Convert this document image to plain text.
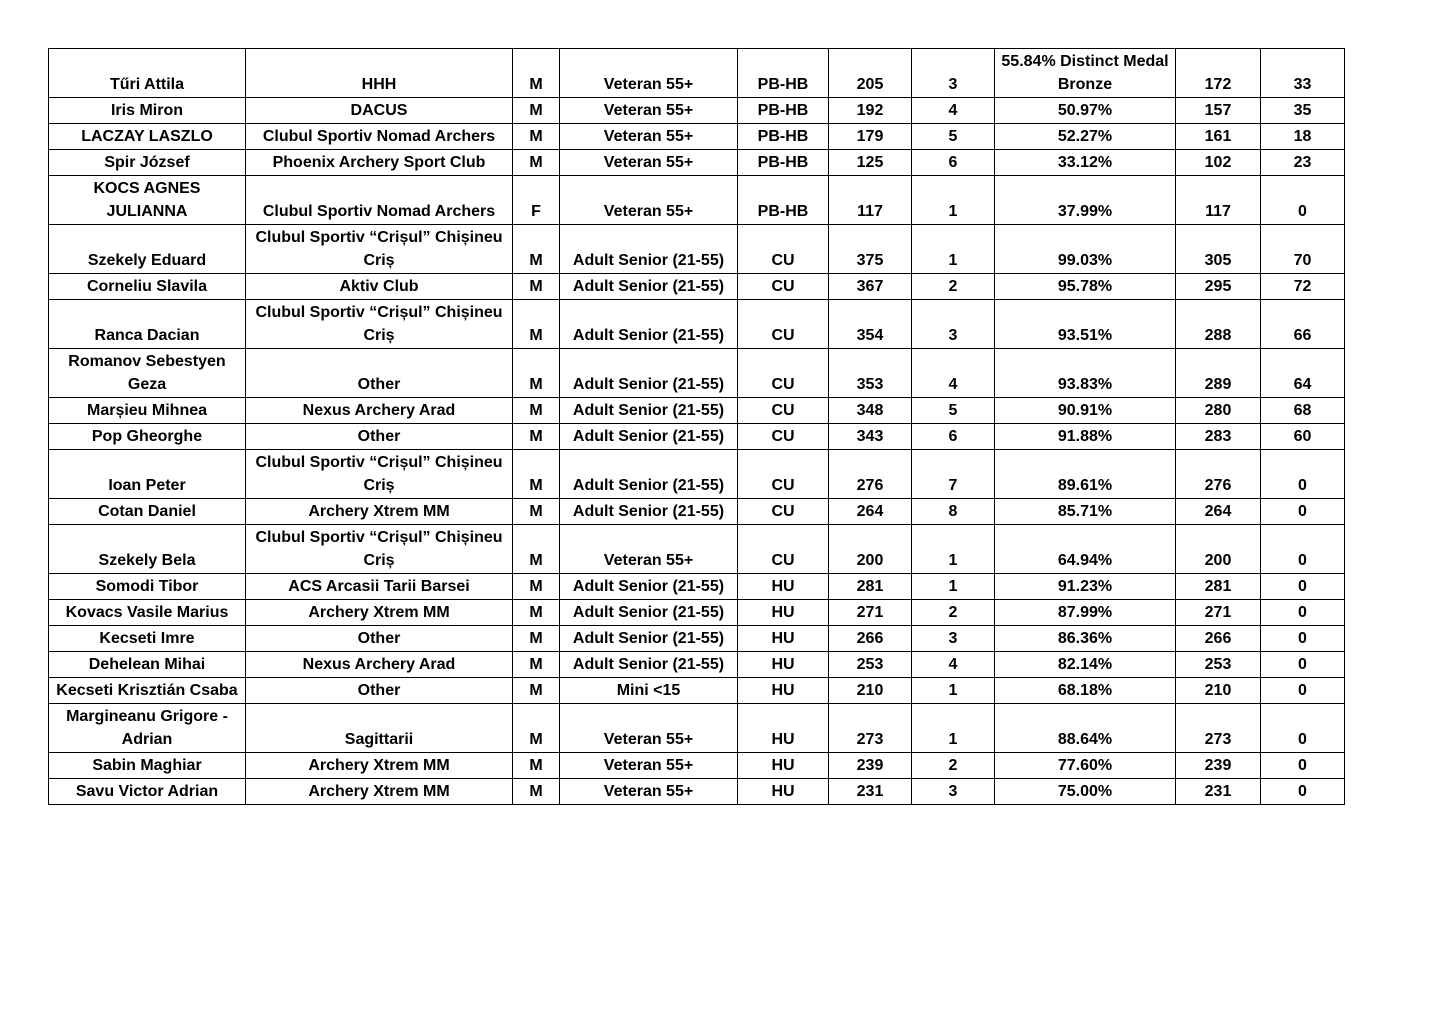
Tűri Attila	HHH	M	Veteran 55+	PB-HB	205	3	55.84% Distinct Medal Bronze	172	33
Iris Miron	DACUS	M	Veteran 55+	PB-HB	192	4	50.97%	157	35
LACZAY LASZLO	Clubul Sportiv Nomad Archers	M	Veteran 55+	PB-HB	179	5	52.27%	161	18
Spir József	Phoenix Archery Sport Club	M	Veteran 55+	PB-HB	125	6	33.12%	102	23
KOCS AGNES JULIANNA	Clubul Sportiv Nomad Archers	F	Veteran 55+	PB-HB	117	1	37.99%	117	0
Szekely Eduard	Clubul Sportiv “Crișul” Chișineu Criș	M	Adult Senior (21-55)	CU	375	1	99.03%	305	70
Corneliu Slavila	Aktiv Club	M	Adult Senior (21-55)	CU	367	2	95.78%	295	72
Ranca Dacian	Clubul Sportiv “Crișul” Chișineu Criș	M	Adult Senior (21-55)	CU	354	3	93.51%	288	66
Romanov Sebestyen Geza	Other	M	Adult Senior (21-55)	CU	353	4	93.83%	289	64
Marșieu Mihnea	Nexus Archery Arad	M	Adult Senior (21-55)	CU	348	5	90.91%	280	68
Pop Gheorghe	Other	M	Adult Senior (21-55)	CU	343	6	91.88%	283	60
Ioan Peter	Clubul Sportiv “Crișul” Chișineu Criș	M	Adult Senior (21-55)	CU	276	7	89.61%	276	0
Cotan Daniel	Archery Xtrem MM	M	Adult Senior (21-55)	CU	264	8	85.71%	264	0
Szekely Bela	Clubul Sportiv “Crișul” Chișineu Criș	M	Veteran 55+	CU	200	1	64.94%	200	0
Somodi Tibor	ACS Arcasii Tarii Barsei	M	Adult Senior (21-55)	HU	281	1	91.23%	281	0
Kovacs Vasile Marius	Archery Xtrem MM	M	Adult Senior (21-55)	HU	271	2	87.99%	271	0
Kecseti Imre	Other	M	Adult Senior (21-55)	HU	266	3	86.36%	266	0
Dehelean Mihai	Nexus Archery Arad	M	Adult Senior (21-55)	HU	253	4	82.14%	253	0
Kecseti Krisztián Csaba	Other	M	Mini <15	HU	210	1	68.18%	210	0
Margineanu Grigore - Adrian	Sagittarii	M	Veteran 55+	HU	273	1	88.64%	273	0
Sabin Maghiar	Archery Xtrem MM	M	Veteran 55+	HU	239	2	77.60%	239	0
Savu Victor Adrian	Archery Xtrem MM	M	Veteran 55+	HU	231	3	75.00%	231	0
